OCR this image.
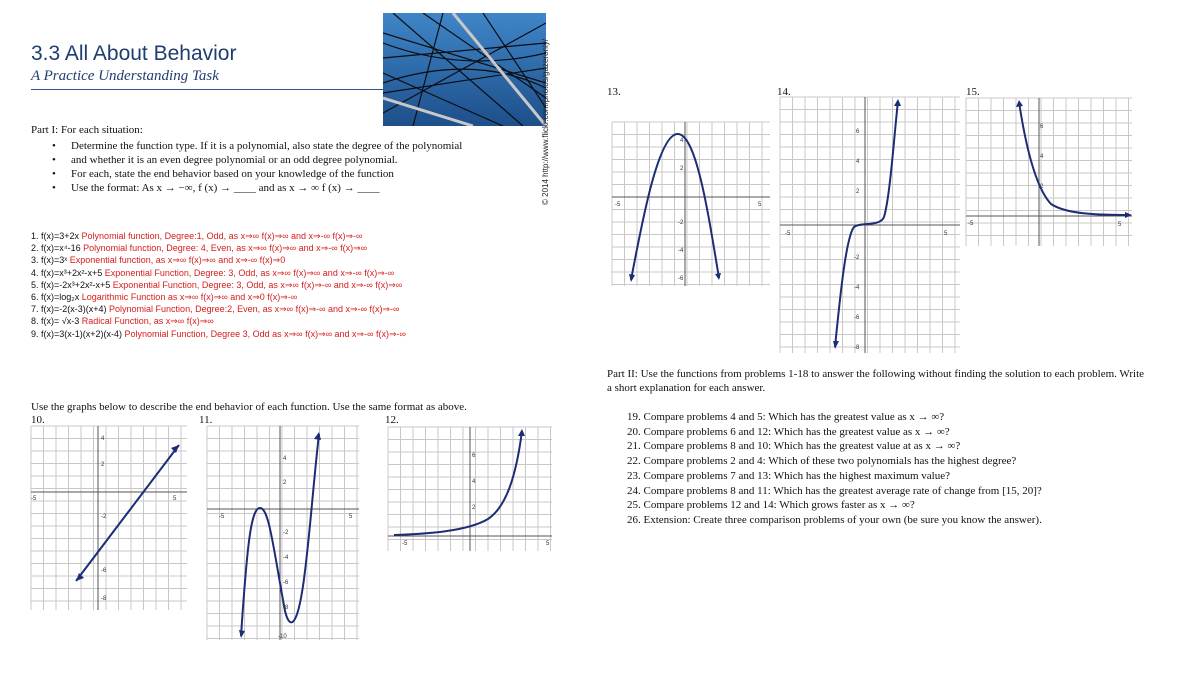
3.3 All About Behavior
A Practice Understanding Task	© 2014 http://www.flickr.com/photos/gazeronly/
Part I: For each situation:
• Determine the function type. If it is a polynomial, also state the degree of the polynomial
• and whether it is an even degree polynomial or an odd degree polynomial.
• For each, state the end behavior based on your knowledge of the function
• Use the format: As x → −∞, f (x) → ____ and as x → ∞ f (x) → ____
1. f(x)=3+2x Polynomial function, Degree:1, Odd, as x⇒∞ f(x)⇒∞ and x⇒-∞ f(x)⇒-∞
2. f(x)=x⁴-16 Polynomial function, Degree: 4, Even, as x⇒∞ f(x)⇒∞ and x⇒-∞ f(x)⇒∞
3. f(x)=3ˣ Exponential function, as x⇒∞ f(x)⇒∞ and x⇒-∞ f(x)⇒0
4. f(x)=x³+2x²-x+5 Exponential Function, Degree: 3, Odd, as x⇒∞ f(x)⇒∞ and x⇒-∞ f(x)⇒-∞
5. f(x)=-2x³+2x²-x+5 Exponential Function, Degree: 3, Odd, as x⇒∞ f(x)⇒-∞ and x⇒-∞ f(x)⇒∞
6. f(x)=log₂x Logarithmic Function as x⇒∞ f(x)⇒∞ and x⇒0 f(x)⇒-∞
7. f(x)=-2(x-3)(x+4) Polynomial Function, Degree:2, Even, as x⇒∞ f(x)⇒-∞ and x⇒-∞ f(x)⇒-∞
8. f(x)= √x-3 Radical Function, as x⇒∞ f(x)⇒∞
9. f(x)=3(x-1)(x+2)(x-4) Polynomial Function, Degree 3, Odd as x⇒∞ f(x)⇒∞ and x⇒-∞ f(x)⇒-∞
Use the graphs below to describe the end behavior of each function. Use the same format as above.
10.	11.	12.
13.	14.	15.
-5	5
4
2
-2
-6
-8
-5	5
4
2
-2
-4
-6
-8
-10
-5	5
6
4
2
-5	5
4
2
-2
-4
-6
-5	5
6
4
2
-2
-4
-6
-8
-5	5
6
4
2
Part II: Use the functions from problems 1-18 to answer the following without finding the solution to each problem. Write a short explanation for each answer.
19. Compare problems 4 and 5: Which has the greatest value as x → ∞?
20. Compare problems 6 and 12: Which has the greatest value as x → ∞?
21. Compare problems 8 and 10: Which has the greatest value at as x → ∞?
22. Compare problems 2 and 4: Which of these two polynomials has the highest degree?
23. Compare problems 7 and 13: Which has the highest maximum value?
24. Compare problems 8 and 11: Which has the greatest average rate of change from [15, 20]?
25. Compare problems 12 and 14: Which grows faster as x → ∞?
26. Extension: Create three comparison problems of your own (be sure you know the answer).
